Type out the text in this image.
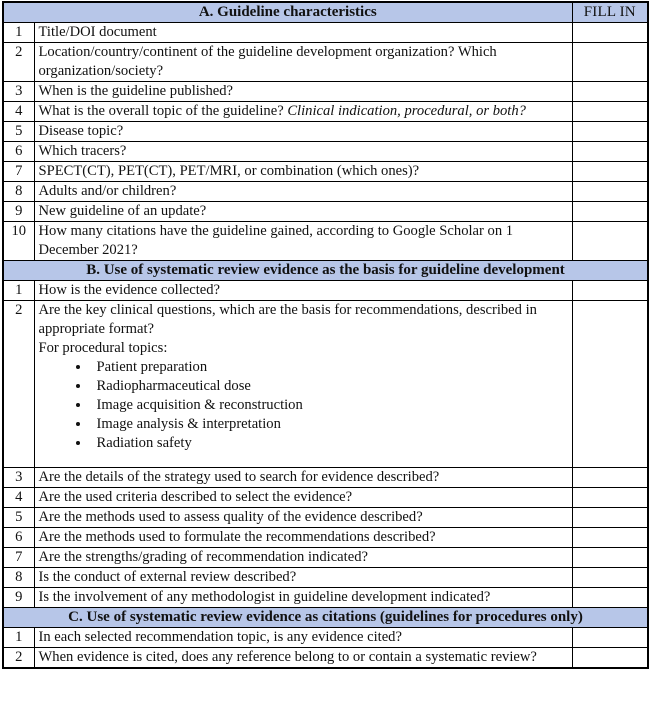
A. Guideline characteristics		FILL IN
1	Title/DOI document	
2	Location/country/continent of the guideline development organization? Which organization/society?	
3	When is the guideline published?	
4	What is the overall topic of the guideline? Clinical indication, procedural, or both?	
5	Disease topic?	
6	Which tracers?	
7	SPECT(CT), PET(CT), PET/MRI, or combination (which ones)?	
8	Adults and/or children?	
9	New guideline of an update?	
10	How many citations have the guideline gained, according to Google Scholar on 1 December 2021?	
B. Use of systematic review evidence as the basis for guideline development		
1	How is the evidence collected?	
2	Are the key clinical questions, which are the basis for recommendations, described in appropriate format?
For procedural topics:
• Patient preparation
• Radiopharmaceutical dose
• Image acquisition & reconstruction
• Image analysis & interpretation
• Radiation safety

3	Are the details of the strategy used to search for evidence described?	
4	Are the used criteria described to select the evidence?	
5	Are the methods used to assess quality of the evidence described?	
6	Are the methods used to formulate the recommendations described?	
7	Are the strengths/grading of recommendation indicated?	
8	Is the conduct of external review described?	
9	Is the involvement of any methodologist in guideline development indicated?	
C. Use of systematic review evidence as citations (guidelines for procedures only)		
1	In each selected recommendation topic, is any evidence cited?	
2	When evidence is cited, does any reference belong to or contain a systematic review?	
